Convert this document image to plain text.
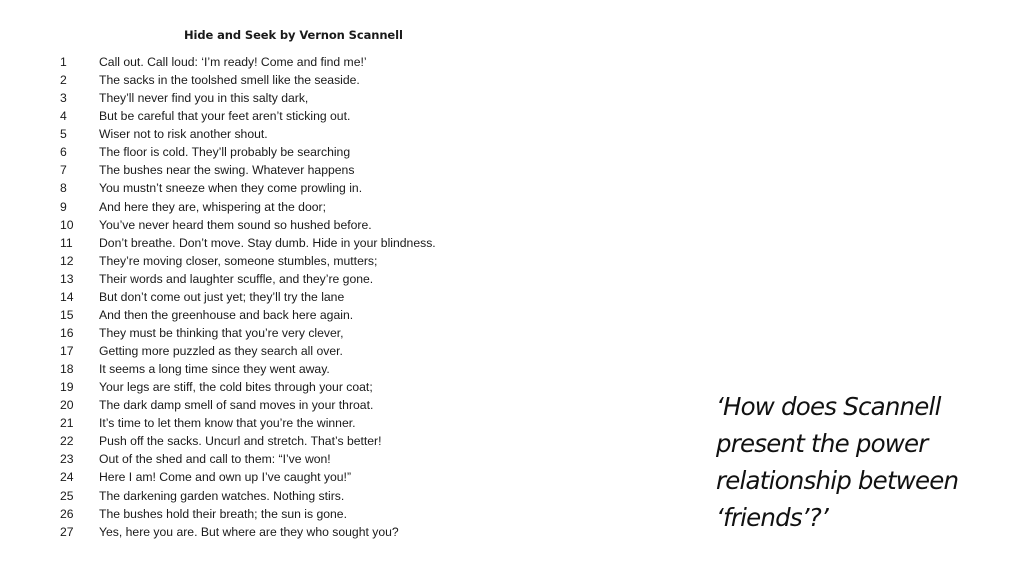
Hide and Seek by Vernon Scannell
1	Call out. Call loud: ‘I’m ready! Come and find me!’
2	The sacks in the toolshed smell like the seaside.
3	They’ll never find you in this salty dark,
4	But be careful that your feet aren’t sticking out.
5	Wiser not to risk another shout.
6	The floor is cold. They’ll probably be searching
7	The bushes near the swing. Whatever happens
8	You mustn’t sneeze when they come prowling in.
9	And here they are, whispering at the door;
10	You’ve never heard them sound so hushed before.
11	Don’t breathe. Don’t move. Stay dumb. Hide in your blindness.
12	They’re moving closer, someone stumbles, mutters;
13	Their words and laughter scuffle, and they’re gone.
14	But don’t come out just yet; they’ll try the lane
15	And then the greenhouse and back here again.
16	They must be thinking that you’re very clever,
17	Getting more puzzled as they search all over.
18	It seems a long time since they went away.
19	Your legs are stiff, the cold bites through your coat;
20	The dark damp smell of sand moves in your throat.
21	It’s time to let them know that you’re the winner.
22	Push off the sacks. Uncurl and stretch. That’s better!
23	Out of the shed and call to them: “I’ve won!
24	Here I am! Come and own up I’ve caught you!”
25	The darkening garden watches. Nothing stirs.
26	The bushes hold their breath; the sun is gone.
27	Yes, here you are. But where are they who sought you?

‘How does Scannell present the power relationship between ‘friends’?’
